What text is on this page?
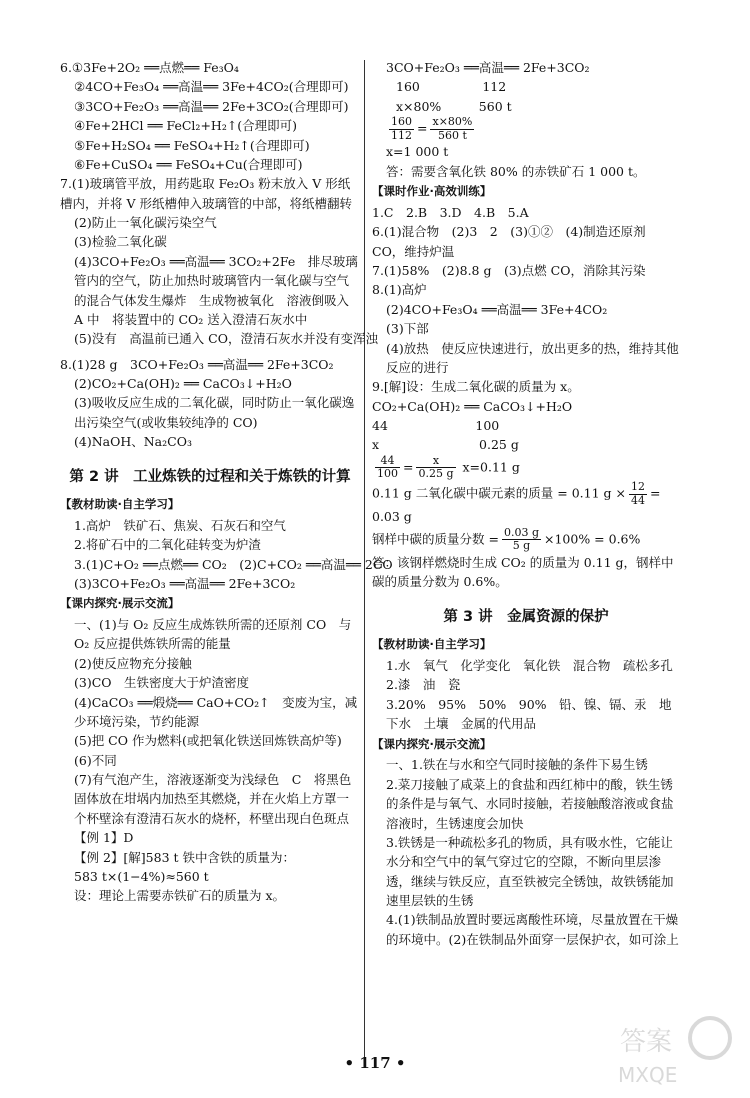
6.①3Fe+2O₂ ══点燃══ Fe₃O₄
②4CO+Fe₃O₄ ══高温══ 3Fe+4CO₂(合理即可)
③3CO+Fe₂O₃ ══高温══ 2Fe+3CO₂(合理即可)
④Fe+2HCl ══ FeCl₂+H₂↑(合理即可)
⑤Fe+H₂SO₄ ══ FeSO₄+H₂↑(合理即可)
⑥Fe+CuSO₄ ══ FeSO₄+Cu(合理即可)
7.(1)玻璃管平放，用药匙取 Fe₂O₃ 粉末放入 V 形纸槽内，并将 V 形纸槽伸入玻璃管的中部，将纸槽翻转
(2)防止一氧化碳污染空气
(3)检验二氧化碳
(4)3CO+Fe₂O₃ ══高温══ 3CO₂+2Fe　排尽玻璃管内的空气，防止加热时玻璃管内一氧化碳与空气的混合气体发生爆炸　生成物被氧化　溶液倒吸入 A 中　将装置中的 CO₂ 送入澄清石灰水中
(5)没有　高温前已通入 CO，澄清石灰水并没有变浑浊
8.(1)28 g　3CO+Fe₂O₃ ══高温══ 2Fe+3CO₂
(2)CO₂+Ca(OH)₂ ══ CaCO₃↓+H₂O
(3)吸收反应生成的二氧化碳，同时防止一氧化碳逸出污染空气(或收集较纯净的 CO)
(4)NaOH、Na₂CO₃
第 2 讲　工业炼铁的过程和关于炼铁的计算
【教材助读·自主学习】
1.高炉　铁矿石、焦炭、石灰石和空气
2.将矿石中的二氧化硅转变为炉渣
3.(1)C+O₂ ══点燃══ CO₂　(2)C+CO₂ ══高温══ 2CO
(3)3CO+Fe₂O₃ ══高温══ 2Fe+3CO₂
【课内探究·展示交流】
一、(1)与 O₂ 反应生成炼铁所需的还原剂 CO　与 O₂ 反应提供炼铁所需的能量
(2)使反应物充分接触
(3)CO　生铁密度大于炉渣密度
(4)CaCO₃ ══煅烧══ CaO+CO₂↑　变废为宝，减少环境污染，节约能源
(5)把 CO 作为燃料(或把氧化铁送回炼铁高炉等)
(6)不同
(7)有气泡产生，溶液逐渐变为浅绿色　C　将黑色固体放在坩埚内加热至其燃烧，并在火焰上方罩一个杯壁涂有澄清石灰水的烧杯，杯壁出现白色斑点
【例 1】D
【例 2】[解]583 t 铁中含铁的质量为：
583 t×(1−4%)≈560 t
设：理论上需要赤铁矿石的质量为 x。
3CO+Fe₂O₃ ══高温══ 2Fe+3CO₂
160　　　　　112
x×80%　　　560 t
$\frac{160}{112} = \frac{x\times 80\%}{560 t}$
x=1 000 t
答：需要含氧化铁 80% 的赤铁矿石 1 000 t。
【课时作业·高效训练】
1.C　2.B　3.D　4.B　5.A
6.(1)混合物　(2)3　2　(3)①②　(4)制造还原剂 CO，维持炉温
7.(1)58%　(2)8.8 g　(3)点燃 CO，消除其污染
8.(1)高炉
(2)4CO+Fe₃O₄ ══高温══ 3Fe+4CO₂
(3)下部
(4)放热　使反应快速进行，放出更多的热，维持其他反应的进行
9.[解]设：生成二氧化碳的质量为 x。
CO₂+Ca(OH)₂ ══ CaCO₃↓+H₂O
44　　　　　　　100
x　　　　　　　　0.25 g
$\frac{44}{100} = \frac{x}{0.25 g} x=0.11$ g
0.11 g 二氧化碳中碳元素的质量 = 0.11 $g \times \frac{12}{44}$ =
0.03 g
钢样中碳的质量分数 = $\frac{0.03 g}{5 g} \times 100\% = 0.6\%$
答：该钢样燃烧时生成 CO₂ 的质量为 0.11 g，钢样中碳的质量分数为 0.6%。
第 3 讲　金属资源的保护
【教材助读·自主学习】
1.水　氧气　化学变化　氧化铁　混合物　疏松多孔
2.漆　油　瓷
3.20%　95%　50%　90%　铅、镍、镉、汞　地下水　土壤　金属的代用品
【课内探究·展示交流】
一、1.铁在与水和空气同时接触的条件下易生锈
2.菜刀接触了咸菜上的食盐和西红柿中的酸，铁生锈的条件是与氧气、水同时接触，若接触酸溶液或食盐溶液时，生锈速度会加快
3.铁锈是一种疏松多孔的物质，具有吸水性，它能让水分和空气中的氧气穿过它的空隙，不断向里层渗透，继续与铁反应，直至铁被完全锈蚀，故铁锈能加速里层铁的生锈
4.(1)铁制品放置时要远离酸性环境，尽量放置在干燥的环境中。(2)在铁制品外面穿一层保护衣，如可涂上
• 117 •
答案
MXQE
